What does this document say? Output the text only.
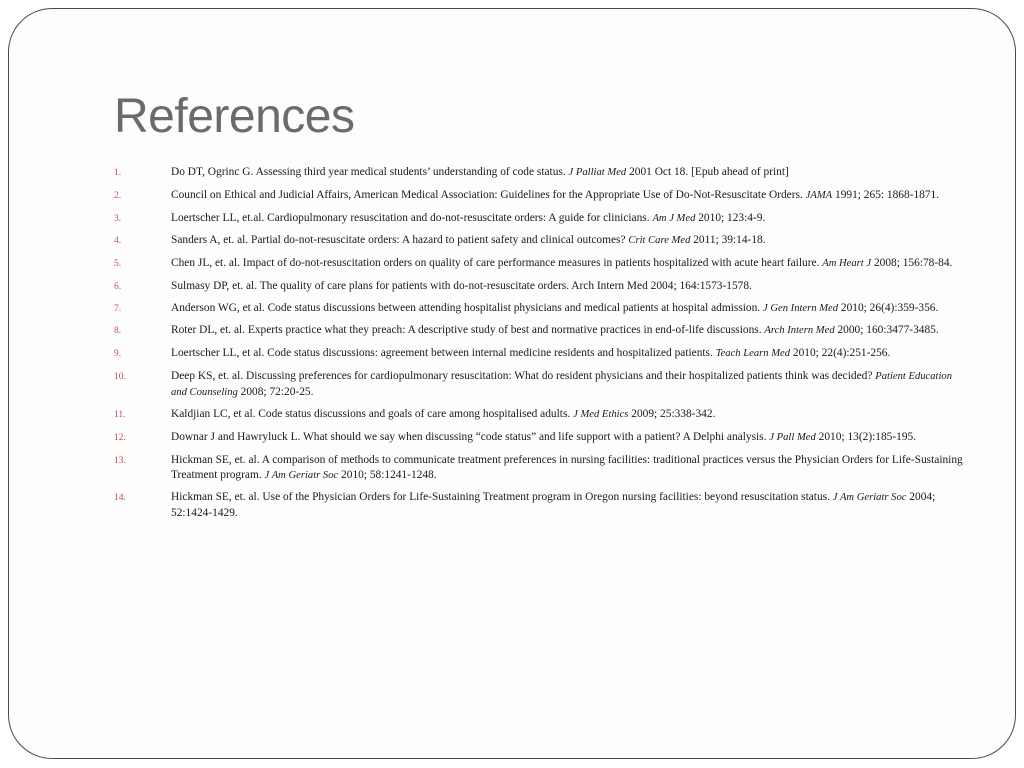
References
1.	Do DT, Ogrinc G. Assessing third year medical students’ understanding of code status. J Palliat Med 2001 Oct 18. [Epub ahead of print]
2.	Council on Ethical and Judicial Affairs, American Medical Association: Guidelines for the Appropriate Use of Do-Not-Resuscitate Orders. JAMA 1991; 265: 1868-1871.
3.	Loertscher LL, et.al. Cardiopulmonary resuscitation and do-not-resuscitate orders: A guide for clinicians. Am J Med 2010; 123:4-9.
4.	Sanders A, et. al. Partial do-not-resuscitate orders: A hazard to patient safety and clinical outcomes? Crit Care Med 2011; 39:14-18.
5.	Chen JL, et. al. Impact of do-not-resuscitation orders on quality of care performance measures in patients hospitalized with acute heart failure. Am Heart J 2008; 156:78-84.
6.	Sulmasy DP, et. al. The quality of care plans for patients with do-not-resuscitate orders. Arch Intern Med 2004; 164:1573-1578.
7.	Anderson WG, et al. Code status discussions between attending hospitalist physicians and medical patients at hospital admission. J Gen Intern Med 2010; 26(4):359-356.
8.	Roter DL, et. al. Experts practice what they preach: A descriptive study of best and normative practices in end-of-life discussions. Arch Intern Med 2000; 160:3477-3485.
9.	Loertscher LL, et al. Code status discussions: agreement between internal medicine residents and hospitalized patients. Teach Learn Med 2010; 22(4):251-256.
10.	Deep KS, et. al. Discussing preferences for cardiopulmonary resuscitation: What do resident physicians and their hospitalized patients think was decided? Patient Education and Counseling 2008; 72:20-25.
11.	Kaldjian LC, et al. Code status discussions and goals of care among hospitalised adults. J Med Ethics 2009; 25:338-342.
12.	Downar J and Hawryluck L. What should we say when discussing “code status” and life support with a patient? A Delphi analysis. J Pall Med 2010; 13(2):185-195.
13.	Hickman SE, et. al. A comparison of methods to communicate treatment preferences in nursing facilities: traditional practices versus the Physician Orders for Life-Sustaining Treatment program. J Am Geriatr Soc 2010; 58:1241-1248.
14.	Hickman SE, et. al. Use of the Physician Orders for Life-Sustaining Treatment program in Oregon nursing facilities: beyond resuscitation status. J Am Geriatr Soc 2004; 52:1424-1429.
